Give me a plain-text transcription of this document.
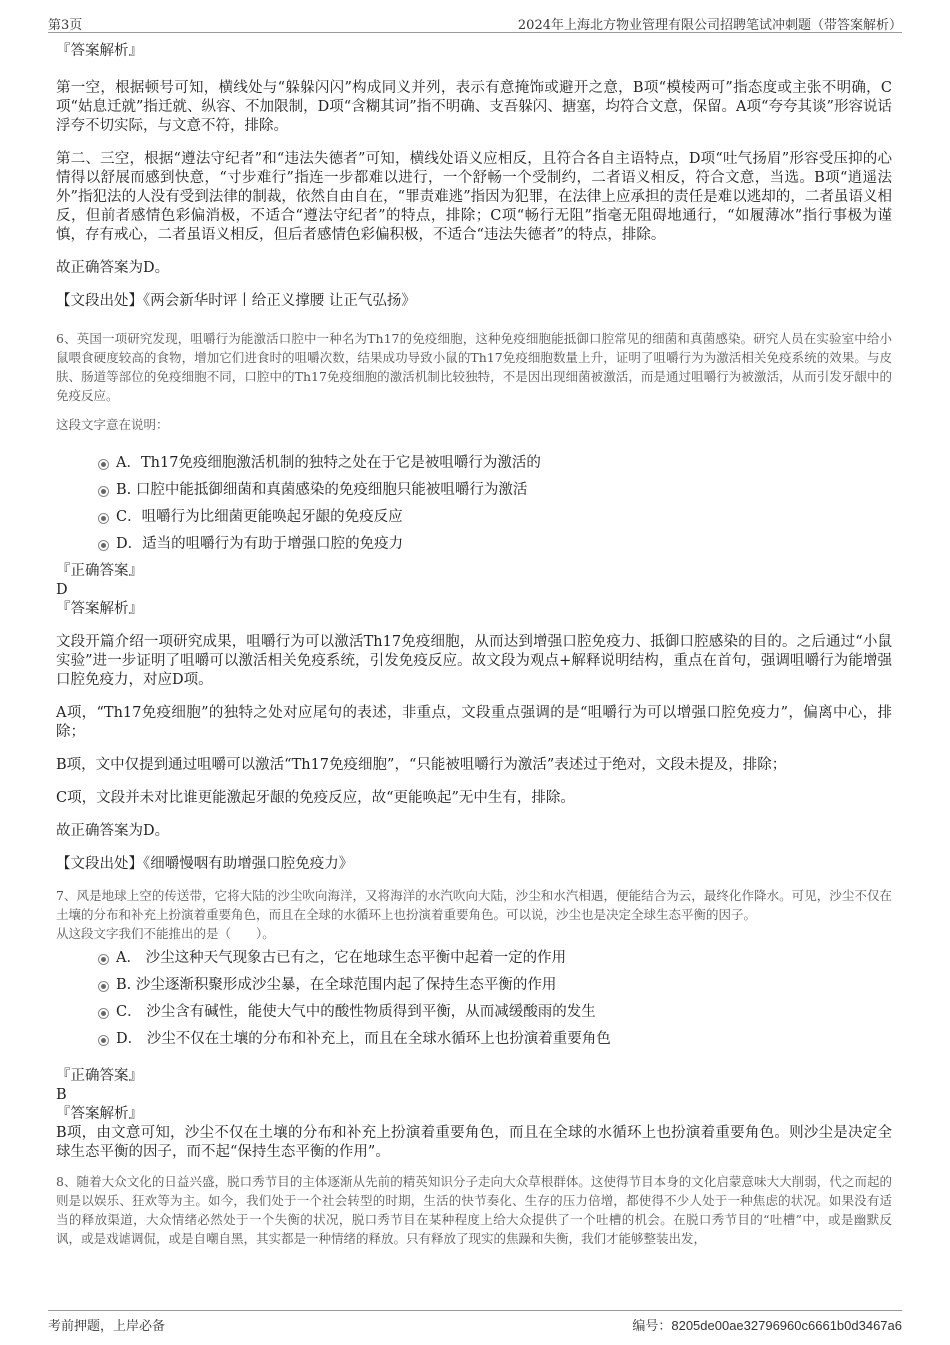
第3页	2024年上海北方物业管理有限公司招聘笔试冲刺题（带答案解析）

『答案解析』

第一空，根据顿号可知，横线处与“躲躲闪闪”构成同义并列，表示有意掩饰或避开之意，B项“模棱两可”指态度或主张不明确，C项“姑息迁就”指迁就、纵容、不加限制，D项“含糊其词”指不明确、支吾躲闪、搪塞，均符合文意，保留。A项“夸夸其谈”形容说话浮夸不切实际，与文意不符，排除。

第二、三空，根据“遵法守纪者”和“违法失德者”可知，横线处语义应相反，且符合各自主语特点，D项“吐气扬眉”形容受压抑的心情得以舒展而感到快意，“寸步难行”指连一步都难以进行，一个舒畅一个受制约，二者语义相反，符合文意，当选。B项“逍遥法外”指犯法的人没有受到法律的制裁，依然自由自在，“罪责难逃”指因为犯罪，在法律上应承担的责任是难以逃却的，二者虽语义相反，但前者感情色彩偏消极，不适合“遵法守纪者”的特点，排除；C项“畅行无阻”指毫无阻碍地通行，“如履薄冰”指行事极为谨慎，存有戒心，二者虽语义相反，但后者感情色彩偏积极，不适合“违法失德者”的特点，排除。

故正确答案为D。

【文段出处】《两会新华时评丨给正义撑腰 让正气弘扬》

6、英国一项研究发现，咀嚼行为能激活口腔中一种名为Th17的免疫细胞，这种免疫细胞能抵御口腔常见的细菌和真菌感染。研究人员在实验室中给小鼠喂食硬度较高的食物，增加它们进食时的咀嚼次数，结果成功导致小鼠的Th17免疫细胞数量上升，证明了咀嚼行为为激活相关免疫系统的效果。与皮肤、肠道等部位的免疫细胞不同，口腔中的Th17免疫细胞的激活机制比较独特，不是因出现细菌被激活，而是通过咀嚼行为被激活，从而引发牙龈中的免疫反应。

这段文字意在说明：

A．Th17免疫细胞激活机制的独特之处在于它是被咀嚼行为激活的
B. 口腔中能抵御细菌和真菌感染的免疫细胞只能被咀嚼行为激活
C．咀嚼行为比细菌更能唤起牙龈的免疫反应
D．适当的咀嚼行为有助于增强口腔的免疫力

『正确答案』

D

『答案解析』

文段开篇介绍一项研究成果，咀嚼行为可以激活Th17免疫细胞，从而达到增强口腔免疫力、抵御口腔感染的目的。之后通过“小鼠实验”进一步证明了咀嚼可以激活相关免疫系统，引发免疫反应。故文段为观点+解释说明结构，重点在首句，强调咀嚼行为能增强口腔免疫力，对应D项。

A项，“Th17免疫细胞”的独特之处对应尾句的表述，非重点，文段重点强调的是“咀嚼行为可以增强口腔免疫力”，偏离中心，排除；

B项，文中仅提到通过咀嚼可以激活“Th17免疫细胞”，“只能被咀嚼行为激活”表述过于绝对，文段未提及，排除；

C项，文段并未对比谁更能激起牙龈的免疫反应，故“更能唤起”无中生有，排除。

故正确答案为D。

【文段出处】《细嚼慢咽有助增强口腔免疫力》

7、风是地球上空的传送带，它将大陆的沙尘吹向海洋，又将海洋的水汽吹向大陆，沙尘和水汽相遇，便能结合为云，最终化作降水。可见，沙尘不仅在土壤的分布和补充上扮演着重要角色，而且在全球的水循环上也扮演着重要角色。可以说，沙尘也是决定全球生态平衡的因子。

从这段文字我们不能推出的是（　　）。

A． 沙尘这种天气现象古已有之，它在地球生态平衡中起着一定的作用
B. 沙尘逐渐积聚形成沙尘暴，在全球范围内起了保持生态平衡的作用
C． 沙尘含有碱性，能使大气中的酸性物质得到平衡，从而减缓酸雨的发生
D． 沙尘不仅在土壤的分布和补充上，而且在全球水循环上也扮演着重要角色

『正确答案』

B

『答案解析』

B项，由文意可知，沙尘不仅在土壤的分布和补充上扮演着重要角色，而且在全球的水循环上也扮演着重要角色。则沙尘是决定全球生态平衡的因子，而不起“保持生态平衡的作用”。

8、随着大众文化的日益兴盛，脱口秀节目的主体逐渐从先前的精英知识分子走向大众草根群体。这使得节目本身的文化启蒙意味大大削弱，代之而起的则是以娱乐、狂欢等为主。如今，我们处于一个社会转型的时期，生活的快节奏化、生存的压力倍增，都使得不少人处于一种焦虑的状况。如果没有适当的释放渠道，大众情绪必然处于一个失衡的状况，脱口秀节目在某种程度上给大众提供了一个吐槽的机会。在脱口秀节目的“吐槽”中，或是幽默反讽，或是戏谑调侃，或是自嘲自黑，其实都是一种情绪的释放。只有释放了现实的焦躁和失衡，我们才能够整装出发，

考前押题，上岸必备	编号：8205de00ae32796960c6661b0d3467a6
